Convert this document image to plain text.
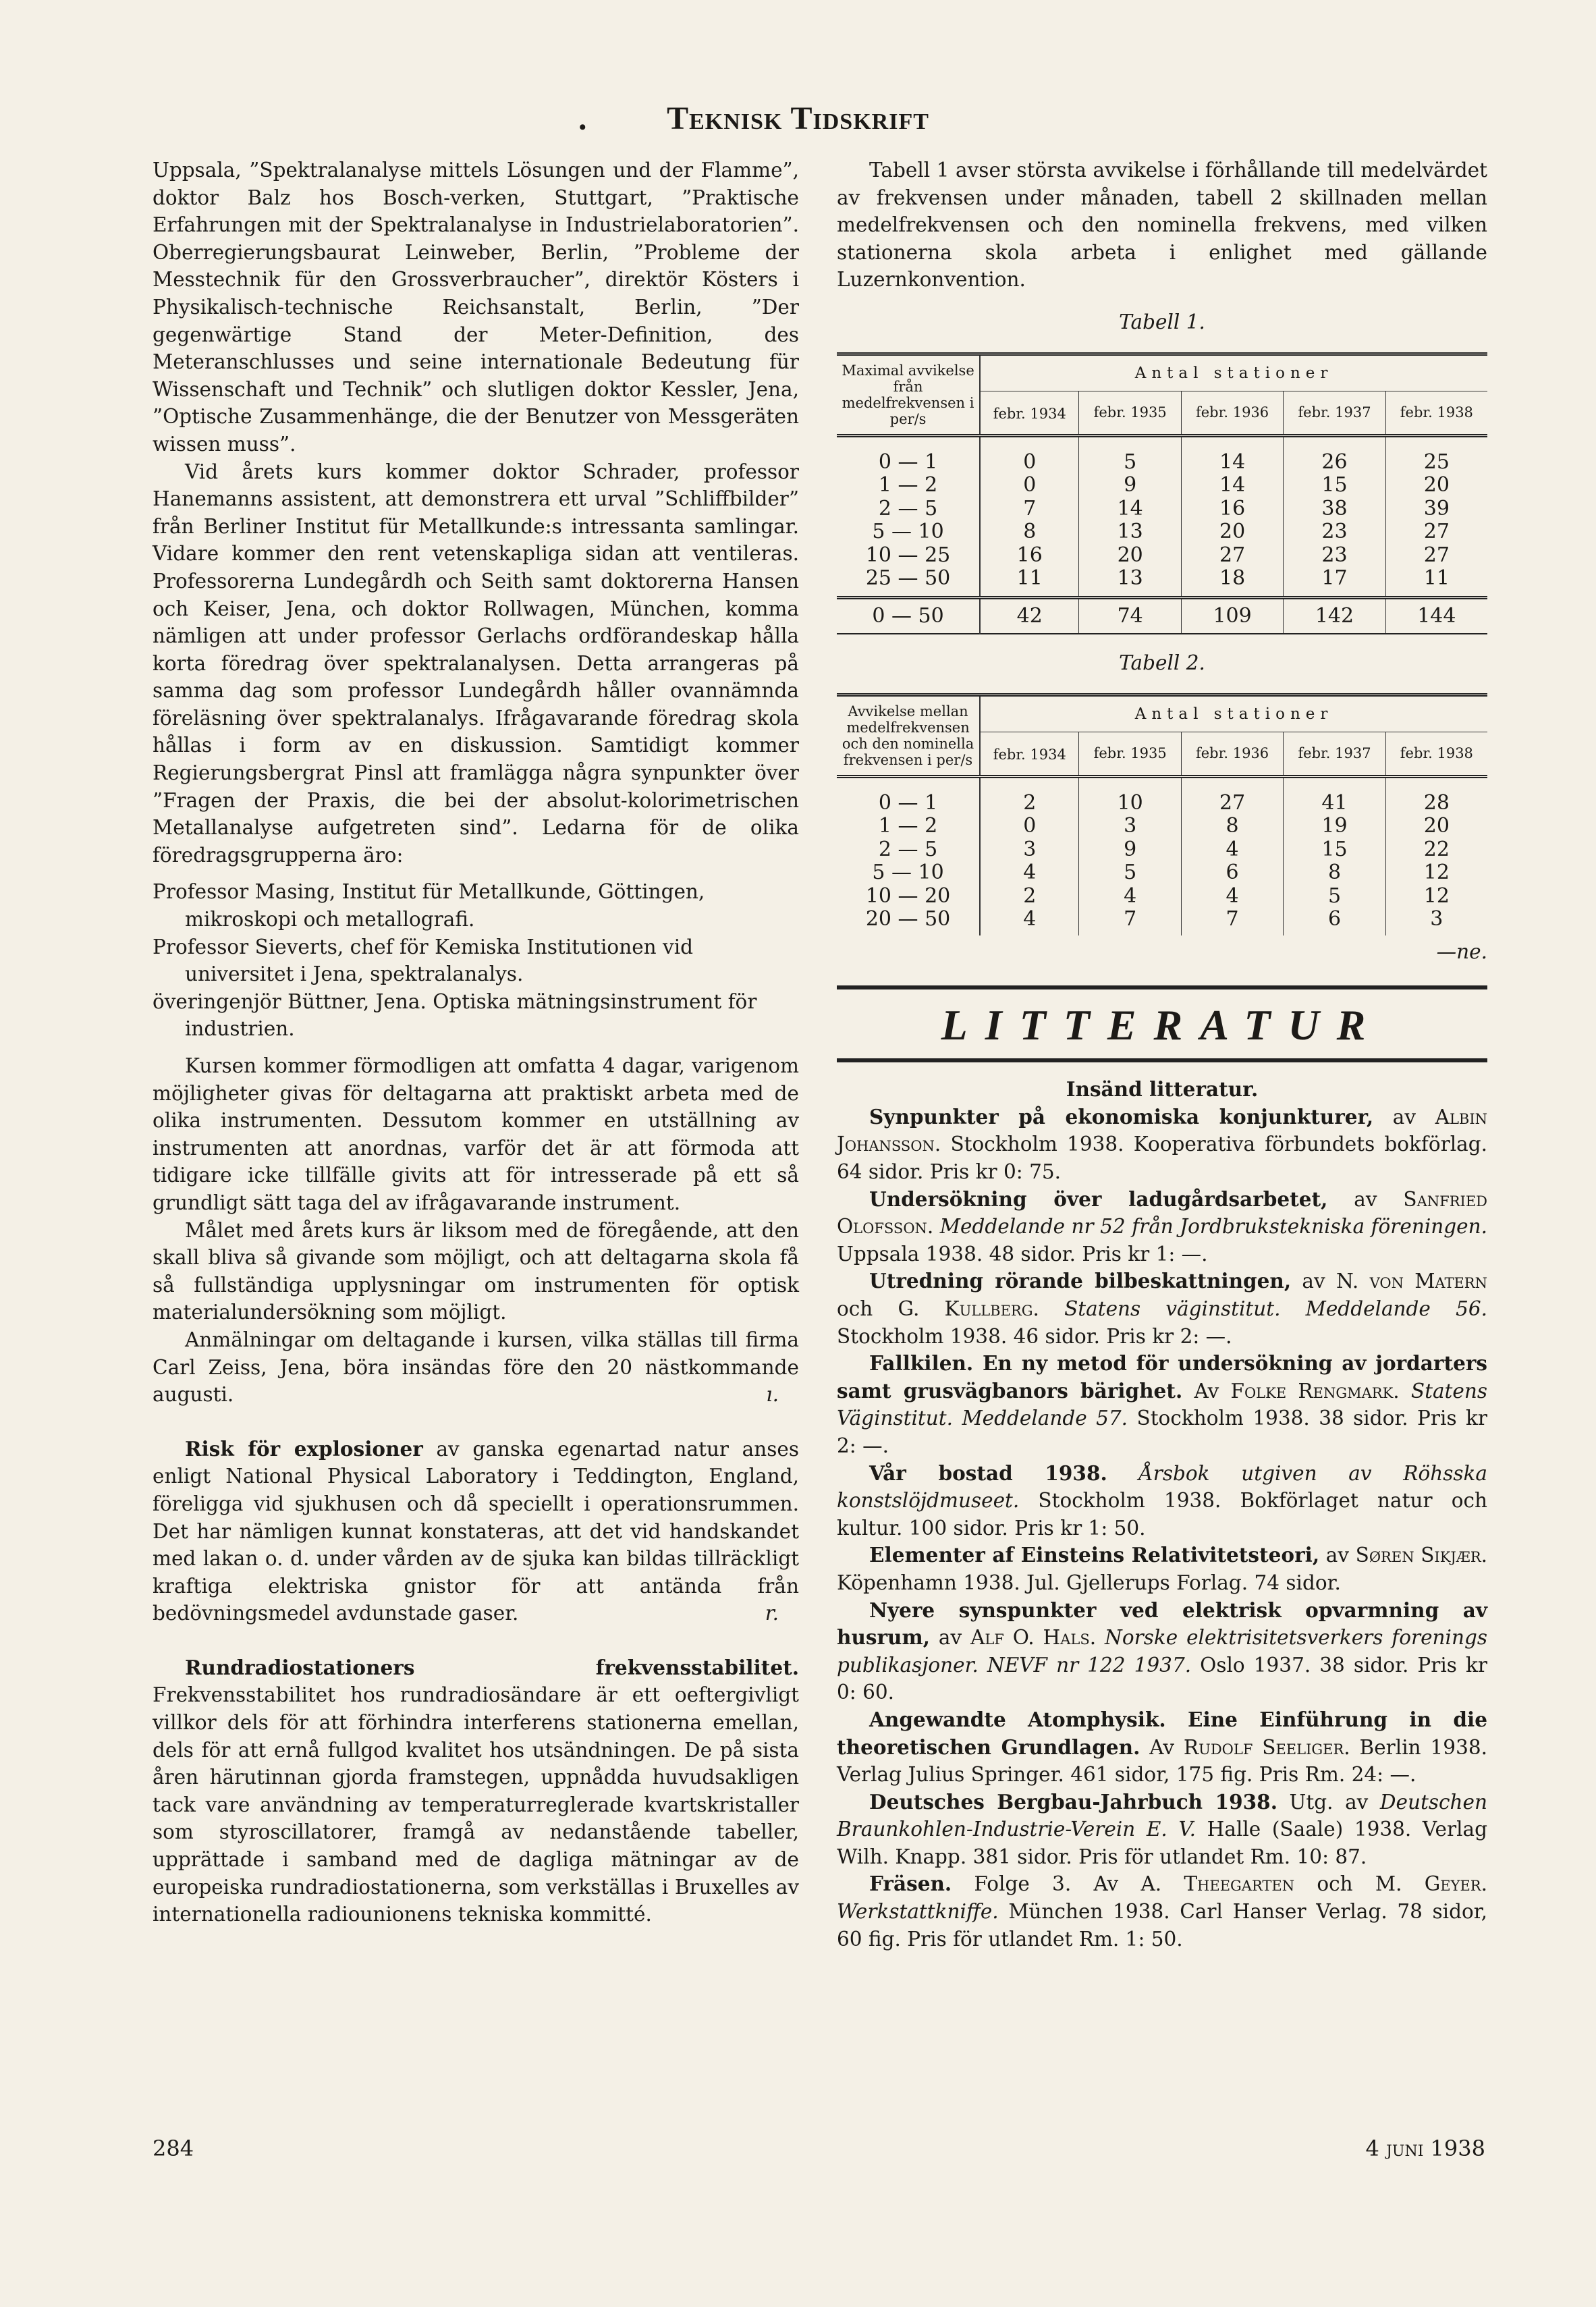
• Teknisk Tidskrift

Uppsala, ”Spektralanalyse mittels Lösungen und der Flamme”, doktor Balz hos Bosch-verken, Stuttgart, ”Praktische Erfahrungen mit der Spektralanalyse in Industrielaboratorien”. Oberregierungsbaurat Leinweber, Berlin, ”Probleme der Messtechnik für den Grossverbraucher”, direktör Kösters i Physikalisch-technische Reichsanstalt, Berlin, ”Der gegenwärtige Stand der Meter-Definition, des Meteranschlusses und seine internationale Bedeutung für Wissenschaft und Technik” och slutligen doktor Kessler, Jena, ”Optische Zusammenhänge, die der Benutzer von Messgeräten wissen muss”.

Vid årets kurs kommer doktor Schrader, professor Hanemanns assistent, att demonstrera ett urval ”Schliffbilder” från Berliner Institut für Metallkunde:s intressanta samlingar. Vidare kommer den rent vetenskapliga sidan att ventileras. Professorerna Lundegårdh och Seith samt doktorerna Hansen och Keiser, Jena, och doktor Rollwagen, München, komma nämligen att under professor Gerlachs ordförandeskap hålla korta föredrag över spektralanalysen. Detta arrangeras på samma dag som professor Lundegårdh håller ovannämnda föreläsning över spektralanalys. Ifrågavarande föredrag skola hållas i form av en diskussion. Samtidigt kommer Regierungsbergrat Pinsl att framlägga några synpunkter över ”Fragen der Praxis, die bei der absolut-kolorimetrischen Metallanalyse aufgetreten sind”. Ledarna för de olika föredragsgrupperna äro:

Professor Masing, Institut für Metallkunde, Göttingen, mikroskopi och metallografi.

Professor Sieverts, chef för Kemiska Institutionen vid universitet i Jena, spektralanalys.

överingenjör Büttner, Jena. Optiska mätningsinstrument för industrien.

Kursen kommer förmodligen att omfatta 4 dagar, varigenom möjligheter givas för deltagarna att praktiskt arbeta med de olika instrumenten. Dessutom kommer en utställning av instrumenten att anordnas, varför det är att förmoda att tidigare icke tillfälle givits att för intresserade på ett så grundligt sätt taga del av ifrågavarande instrument.

Målet med årets kurs är liksom med de föregående, att den skall bliva så givande som möjligt, och att deltagarna skola få så fullständiga upplysningar om instrumenten för optisk materialundersökning som möjligt.

Anmälningar om deltagande i kursen, vilka ställas till firma Carl Zeiss, Jena, böra insändas före den 20 nästkommande augusti.	ı.

Risk för explosioner av ganska egenartad natur anses enligt National Physical Laboratory i Teddington, England, föreligga vid sjukhusen och då speciellt i operationsrummen. Det har nämligen kunnat konstateras, att det vid handskandet med lakan o. d. under vården av de sjuka kan bildas tillräckligt kraftiga elektriska gnistor för att antända från bedövningsmedel avdunstade gaser.	r.

Rundradiostationers frekvensstabilitet. Frekvensstabilitet hos rundradiosändare är ett oeftergivligt villkor dels för att förhindra interferens stationerna emellan, dels för att ernå fullgod kvalitet hos utsändningen. De på sista åren härutinnan gjorda framstegen, uppnådda huvudsakligen tack vare användning av temperaturreglerade kvartskristaller som styroscillatorer, framgå av nedanstående tabeller, upprättade i samband med de dagliga mätningar av de europeiska rundradiostationerna, som verkställas i Bruxelles av internationella radiounionens tekniska kommitté.

Tabell 1 avser största avvikelse i förhållande till medelvärdet av frekvensen under månaden, tabell 2 skillnaden mellan medelfrekvensen och den nominella frekvens, med vilken stationerna skola arbeta i enlighet med gällande Luzernkonvention.

Tabell 1.
Maximal avvikelse från medelfrekvensen i per/s	Antal stationer				
	febr. 1934	febr. 1935	febr. 1936	febr. 1937	febr. 1938
0 — 1	0	5	14	26	25
1 — 2	0	9	14	15	20
2 — 5	7	14	16	38	39
5 — 10	8	13	20	23	27
10 — 25	16	20	27	23	27
25 — 50	11	13	18	17	11
0 — 50	42	74	109	142	144
Tabell 2.
Avvikelse mellan medelfrekvensen och den nominella frekvensen i per/s	Antal stationer				
	febr. 1934	febr. 1935	febr. 1936	febr. 1937	febr. 1938
0 — 1	2	10	27	41	28
1 — 2	0	3	8	19	20
2 — 5	3	9	4	15	22
5 — 10	4	5	6	8	12
10 — 20	2	4	4	5	12
20 — 50	4	7	7	6	3
—ne.
LITTERATUR
Insänd litteratur.

Synpunkter på ekonomiska konjunkturer, av Albin Johansson. Stockholm 1938. Kooperativa förbundets bokförlag. 64 sidor. Pris kr 0: 75.

Undersökning över ladugårdsarbetet, av Sanfried Olofsson. Meddelande nr 52 från Jordbrukstekniska föreningen. Uppsala 1938. 48 sidor. Pris kr 1: —.

Utredning rörande bilbeskattningen, av N. von Matern och G. Kullberg. Statens väginstitut. Meddelande 56. Stockholm 1938. 46 sidor. Pris kr 2: —.

Fallkilen. En ny metod för undersökning av jordarters samt grusvägbanors bärighet. Av Folke Rengmark. Statens Väginstitut. Meddelande 57. Stockholm 1938. 38 sidor. Pris kr 2: —.

Vår bostad 1938. Årsbok utgiven av Röhsska konstslöjdmuseet. Stockholm 1938. Bokförlaget natur och kultur. 100 sidor. Pris kr 1: 50.

Elementer af Einsteins Relativitetsteori, av Søren Sikjær. Köpenhamn 1938. Jul. Gjellerups Forlag. 74 sidor.

Nyere synspunkter ved elektrisk opvarmning av husrum, av Alf O. Hals. Norske elektrisitetsverkers forenings publikasjoner. NEVF nr 122 1937. Oslo 1937. 38 sidor. Pris kr 0: 60.

Angewandte Atomphysik. Eine Einführung in die theoretischen Grundlagen. Av Rudolf Seeliger. Berlin 1938. Verlag Julius Springer. 461 sidor, 175 fig. Pris Rm. 24: —.

Deutsches Bergbau-Jahrbuch 1938. Utg. av Deutschen Braunkohlen-Industrie-Verein E. V. Halle (Saale) 1938. Verlag Wilh. Knapp. 381 sidor. Pris för utlandet Rm. 10: 87.

Fräsen. Folge 3. Av A. Theegarten och M. Geyer. Werkstattkniffe. München 1938. Carl Hanser Verlag. 78 sidor, 60 fig. Pris för utlandet Rm. 1: 50.

284	4 juni 1938
